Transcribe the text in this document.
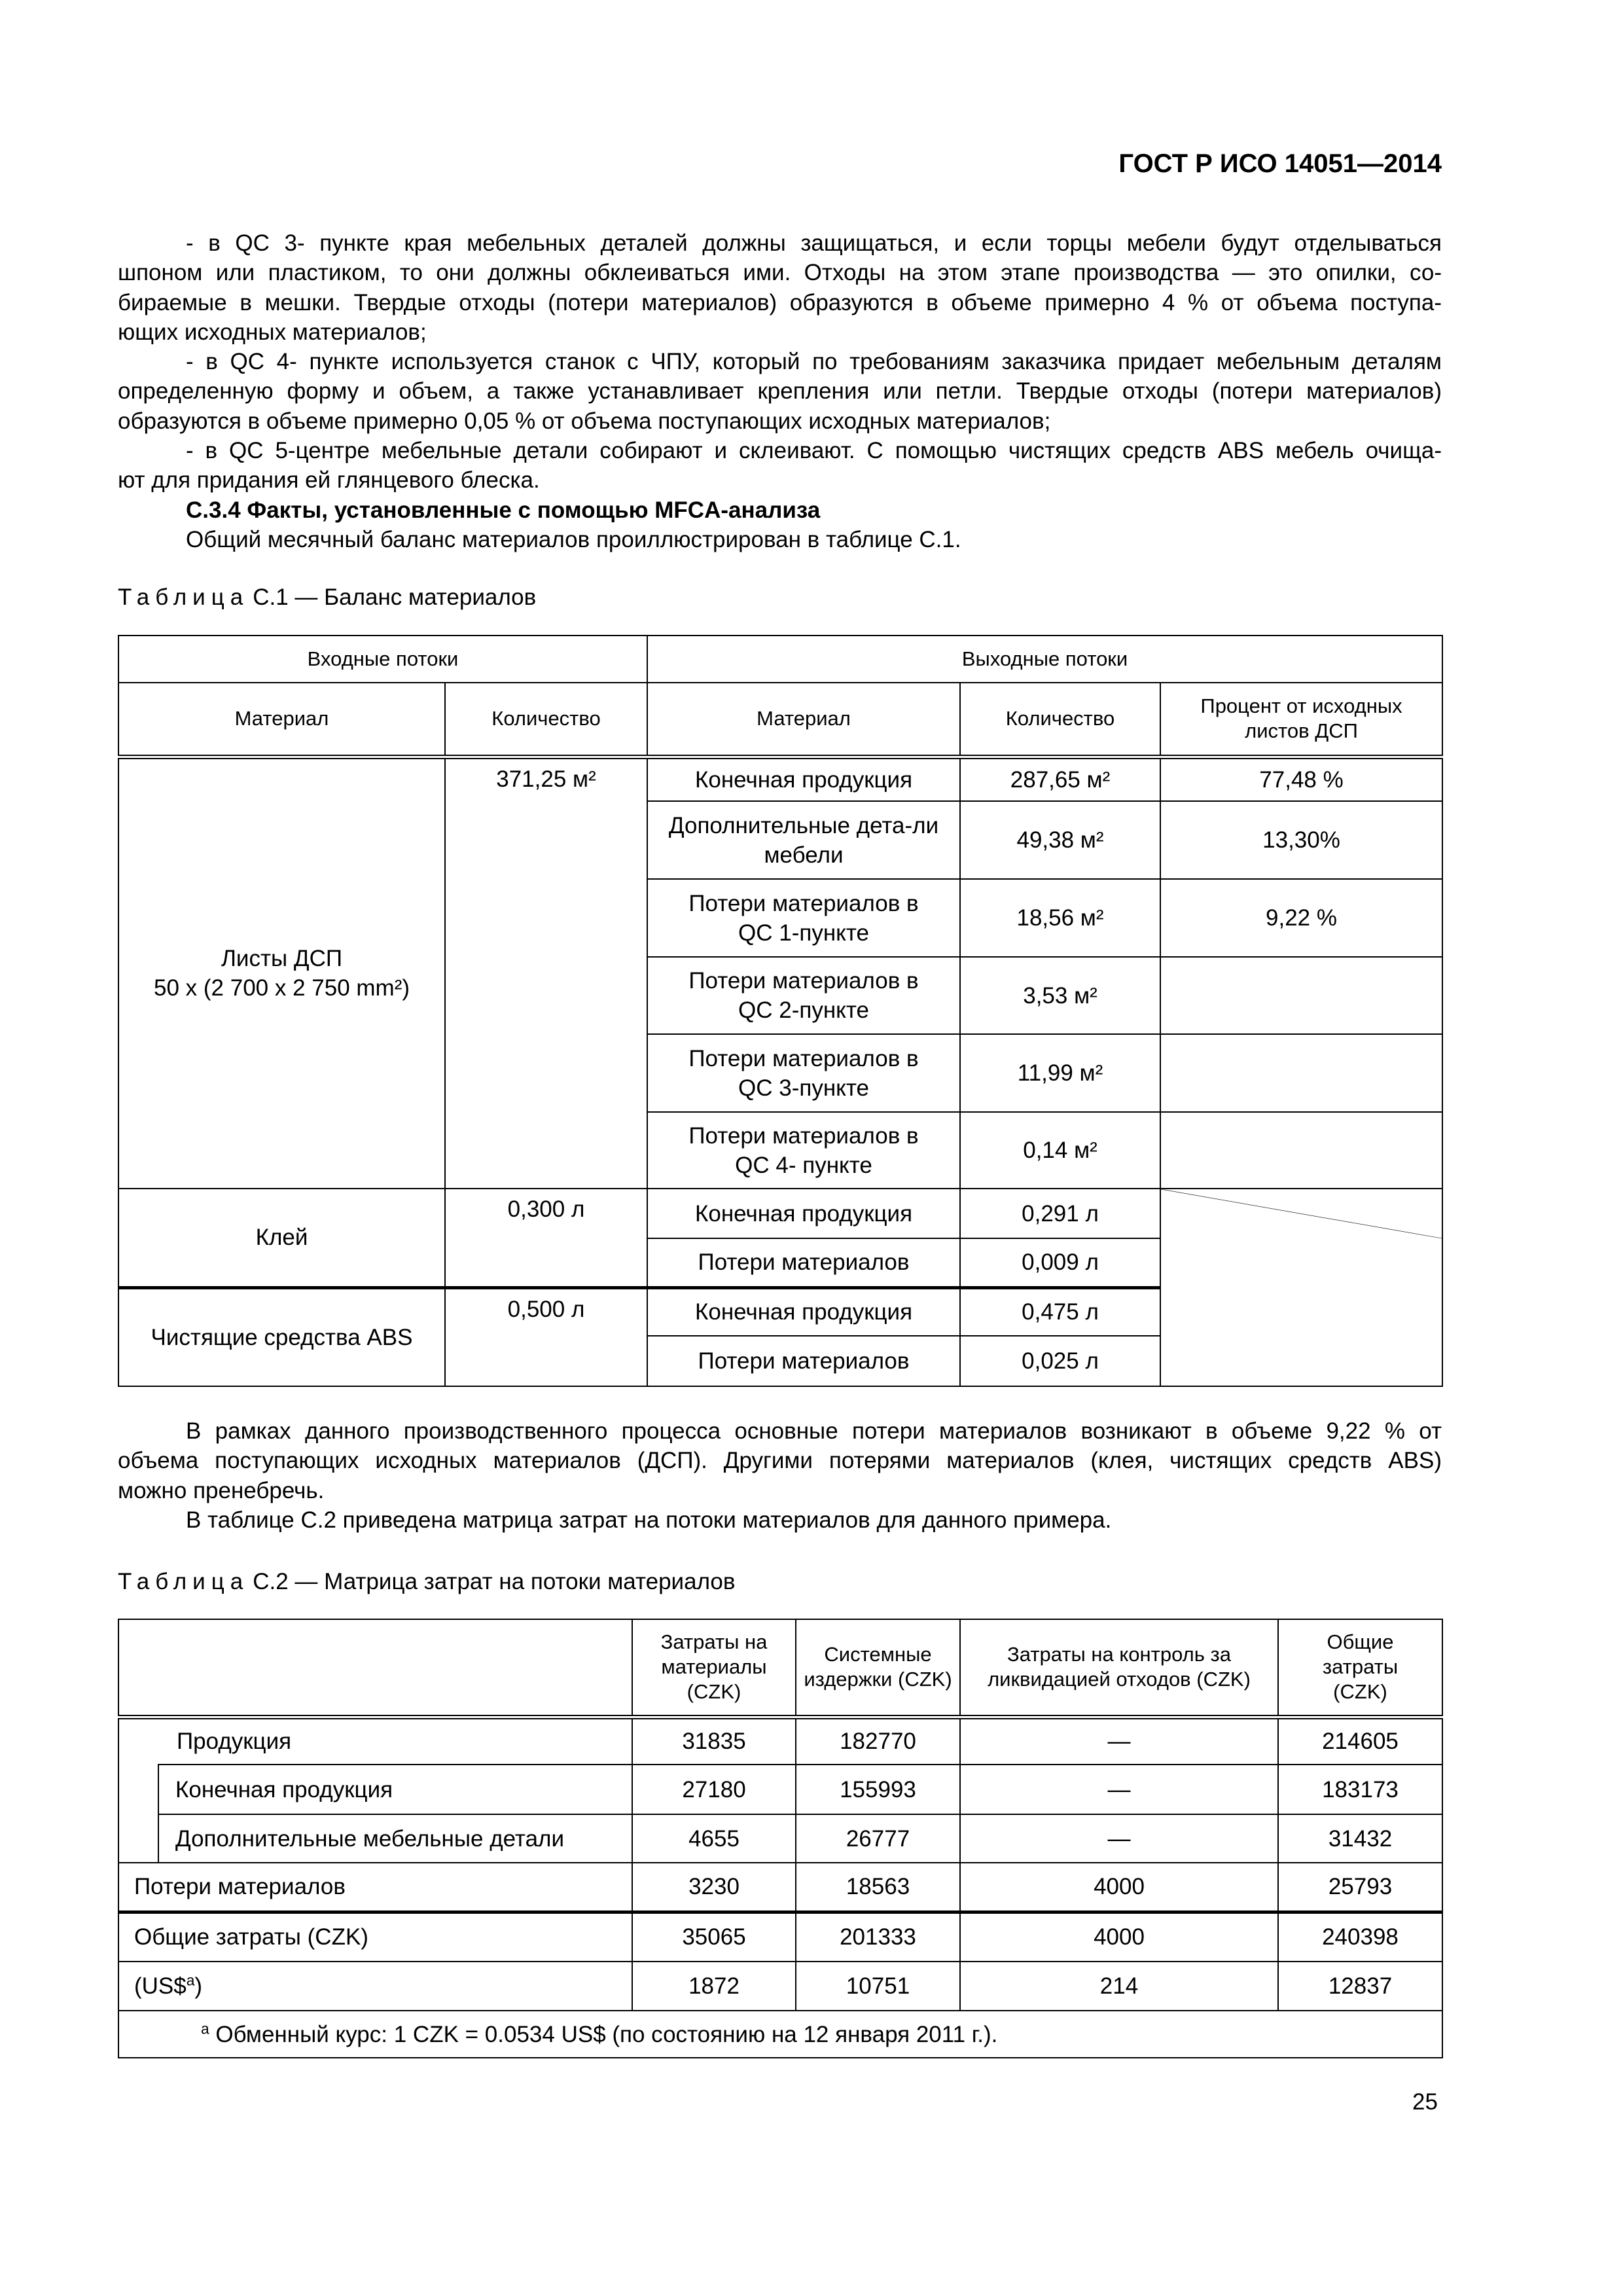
ГОСТ Р ИСО 14051—2014
- в QC 3- пункте края мебельных деталей должны защищаться, и если торцы мебели будут отделываться
шпоном или пластиком, то они должны обклеиваться ими. Отходы на этом этапе производства — это опилки, со-
бираемые в мешки. Твердые отходы (потери материалов) образуются в объеме примерно 4 % от объема поступа-
ющих исходных материалов;
- в QC 4- пункте используется станок с ЧПУ, который по требованиям заказчика придает мебельным деталям
определенную форму и объем, а также устанавливает крепления или петли. Твердые отходы (потери материалов)
образуются в объеме примерно 0,05 % от объема поступающих исходных материалов;
- в QC 5-центре мебельные детали собирают и склеивают. С помощью чистящих средств ABS мебель очища-
ют для придания ей глянцевого блеска.
С.3.4 Факты, установленные с помощью MFCA-анализа
Общий месячный баланс материалов проиллюстрирован в таблице С.1.
Таблица С.1 — Баланс материалов
Входные потоки		Выходные потоки		
Материал	Количество	Материал	Количество	Процент от исходных листов ДСП

Листы ДСП
50 x (2 700 x 2 750 mm²)	371,25 м²	Конечная продукция	287,65 м²	77,48 %
		Дополнительные дета-ли мебели	49,38 м²	13,30%
		Потери материалов в QC 1-пункте	18,56 м²	9,22 %
		Потери материалов в QC 2-пункте	3,53 м²	
		Потери материалов в QC 3-пункте	11,99 м²	
		Потери материалов в QC 4- пункте	0,14 м²	
Клей	0,300 л	Конечная продукция	0,291 л	

		Потери материалов	0,009 л	
Чистящие средства ABS	0,500 л	Конечная продукция	0,475 л	
		Потери материалов	0,025 л	
В рамках данного производственного процесса основные потери материалов возникают в объеме 9,22 % от
объема поступающих исходных материалов (ДСП). Другими потерями материалов (клея, чистящих средств ABS)
можно пренебречь.
В таблице С.2 приведена матрица затрат на потоки материалов для данного примера.
Таблица С.2 — Матрица затрат на потоки материалов
		Затраты на материалы (CZK)	Системные издержки (CZK)	Затраты на контроль за ликвидацией отходов (CZK)	Общие затраты (CZK)
Продукция		31835	182770	—	214605
	Конечная продукция	27180	155993	—	183173
	Дополнительные мебельные детали	4655	26777	—	31432
Потери материалов		3230	18563	4000	25793
Общие затраты (CZK)		35065	201333	4000	240398
(US\$$^a$)		1872	10751	214	12837
$^a$ Обменный курс: 1 CZK = 0.0534 US$ (по состоянию на 12 января 2011 г.).					
25
